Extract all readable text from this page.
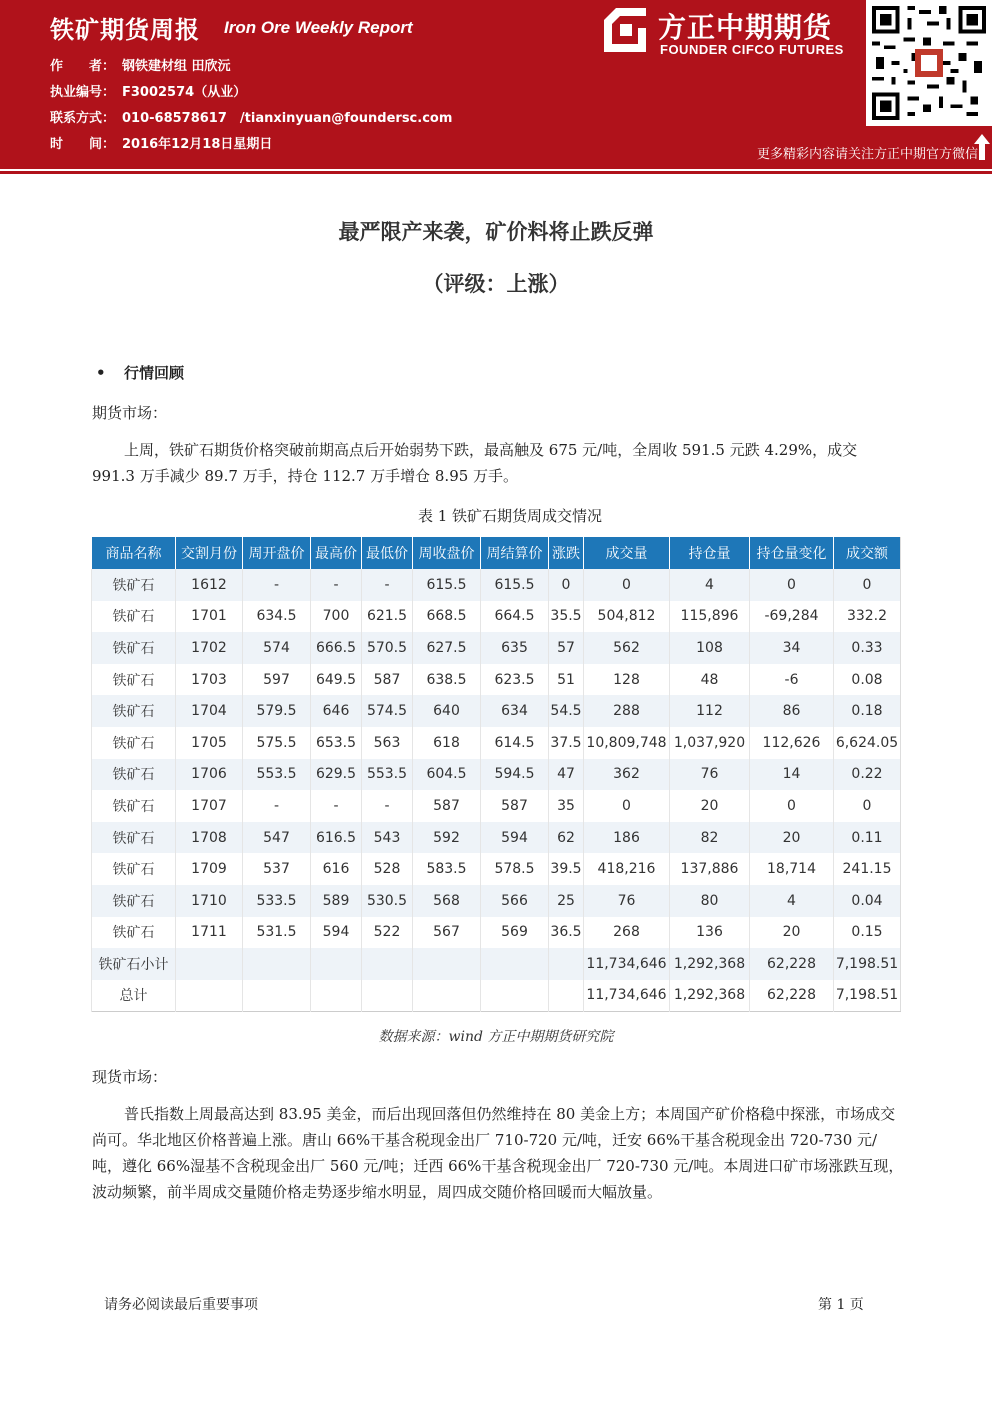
铁矿期货周报 Iron Ore Weekly Report
作　　者： 钢铁建材组 田欣沅
执业编号： F3002574（从业）
联系方式： 010-68578617　/tianxinyuan@foundersc.com
时　　间： 2016年12月18日星期日
方正中期期货
FOUNDER CIFCO FUTURES
更多精彩内容请关注方正中期官方微信
最严限产来袭，矿价料将止跌反弹
（评级：上涨）
• 行情回顾
期货市场：
上周，铁矿石期货价格突破前期高点后开始弱势下跌，最高触及 675 元/吨，全周收 591.5 元跌 4.29%，成交 991.3 万手减少 89.7 万手，持仓 112.7 万手增仓 8.95 万手。
表 1 铁矿石期货周成交情况
商品名称	交割月份	周开盘价	最高价	最低价	周收盘价	周结算价	涨跌	成交量	持仓量	持仓量变化	成交额
铁矿石	1612	-	-	-	615.5	615.5	0	0	4	0	0
铁矿石	1701	634.5	700	621.5	668.5	664.5	35.5	504,812	115,896	-69,284	332.2
铁矿石	1702	574	666.5	570.5	627.5	635	57	562	108	34	0.33
铁矿石	1703	597	649.5	587	638.5	623.5	51	128	48	-6	0.08
铁矿石	1704	579.5	646	574.5	640	634	54.5	288	112	86	0.18
铁矿石	1705	575.5	653.5	563	618	614.5	37.5	10,809,748	1,037,920	112,626	6,624.05
铁矿石	1706	553.5	629.5	553.5	604.5	594.5	47	362	76	14	0.22
铁矿石	1707	-	-	-	587	587	35	0	20	0	0
铁矿石	1708	547	616.5	543	592	594	62	186	82	20	0.11
铁矿石	1709	537	616	528	583.5	578.5	39.5	418,216	137,886	18,714	241.15
铁矿石	1710	533.5	589	530.5	568	566	25	76	80	4	0.04
铁矿石	1711	531.5	594	522	567	569	36.5	268	136	20	0.15
铁矿石小计								11,734,646	1,292,368	62,228	7,198.51
总计								11,734,646	1,292,368	62,228	7,198.51
数据来源：wind 方正中期期货研究院
现货市场：
普氏指数上周最高达到 83.95 美金，而后出现回落但仍然维持在 80 美金上方；本周国产矿价格稳中探涨，市场成交尚可。华北地区价格普遍上涨。唐山 66%干基含税现金出厂 710-720 元/吨，迁安 66%干基含税现金出 720-730 元/吨，遵化 66%湿基不含税现金出厂 560 元/吨；迁西 66%干基含税现金出厂 720-730 元/吨。本周进口矿市场涨跌互现，波动频繁，前半周成交量随价格走势逐步缩水明显，周四成交随价格回暖而大幅放量。
请务必阅读最后重要事项	第 1 页
